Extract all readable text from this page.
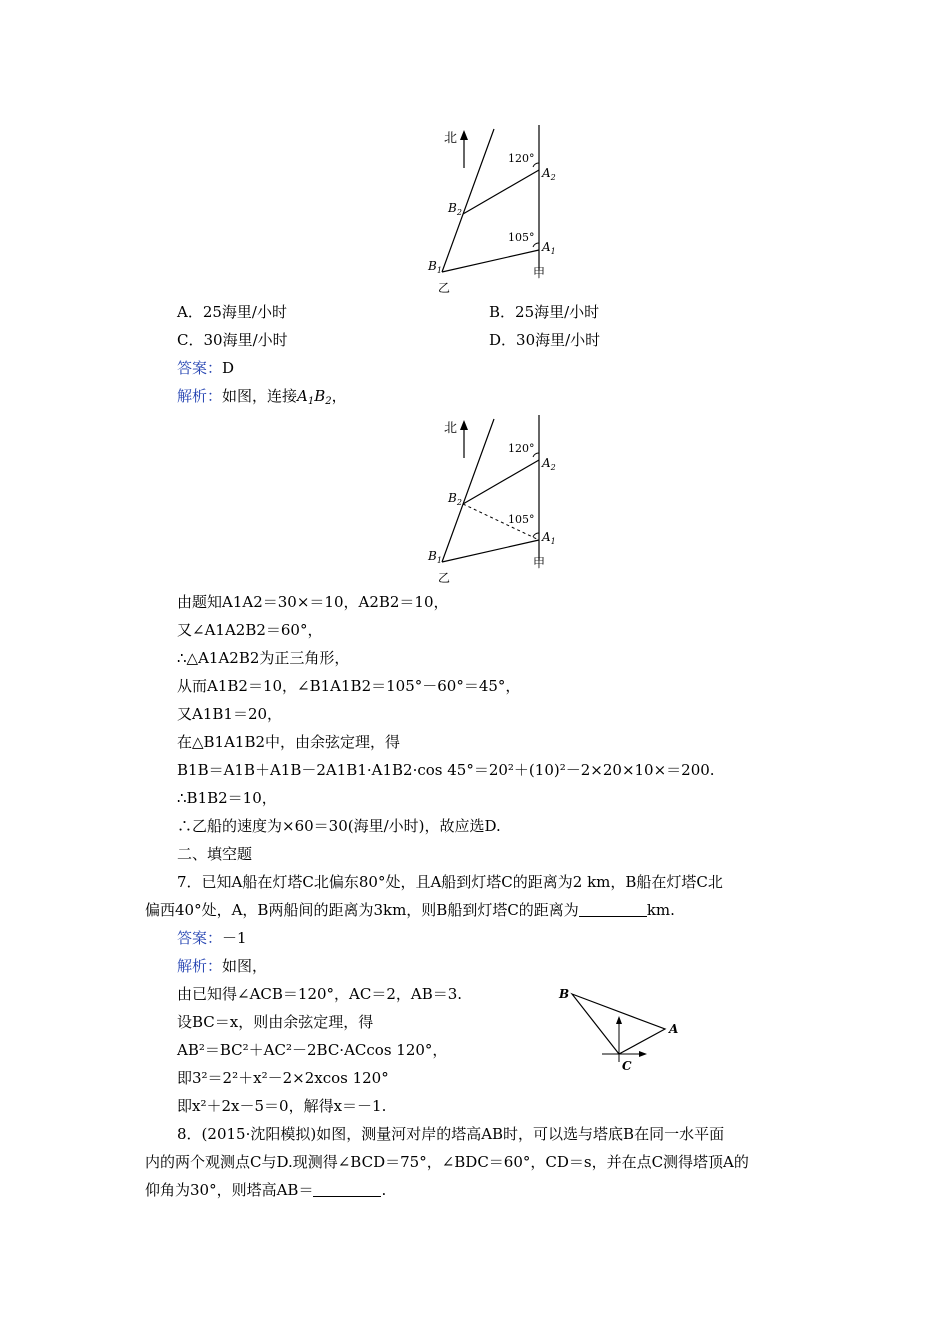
北
120°
105°
$A_2$
$A_1$
$B_2$
$B_1$	甲
乙
A．25海里/小时	B．25海里/小时
C．30海里/小时	D．30海里/小时
答案：D
解析：如图，连接$A_1B_2$，
北
120°
105°
$A_2$
$A_1$
$B_2$
$B_1$	甲
乙
由题知A1A2＝30×＝10，A2B2＝10，
又∠A1A2B2＝60°，
∴△A1A2B2为正三角形，
从而A1B2＝10，∠B1A1B2＝105°－60°＝45°，
又A1B1＝20，
在△B1A1B2中，由余弦定理，得
B1B＝A1B＋A1B－2A1B1·A1B2·cos 45°＝20²＋(10)²－2×20×10×＝200.
∴B1B2＝10，
∴乙船的速度为×60＝30(海里/小时)，故应选D.
二、填空题
7．已知A船在灯塔C北偏东80°处，且A船到灯塔C的距离为2 km，B船在灯塔C北
偏西40°处，A，B两船间的距离为3km，则B船到灯塔C的距离为	km.
答案：－1
解析：如图，
由已知得∠ACB＝120°，AC＝2，AB＝3.
设BC＝x，则由余弦定理，得
AB²＝BC²＋AC²－2BC·ACcos 120°，
即3²＝2²＋x²－2×2xcos 120°
即x²＋2x－5＝0，解得x＝－1.
B
A
C
8．(2015·沈阳模拟)如图，测量河对岸的塔高AB时，可以选与塔底B在同一水平面
内的两个观测点C与D.现测得∠BCD＝75°，∠BDC＝60°，CD＝s，并在点C测得塔顶A的
仰角为30°，则塔高AB＝	.
